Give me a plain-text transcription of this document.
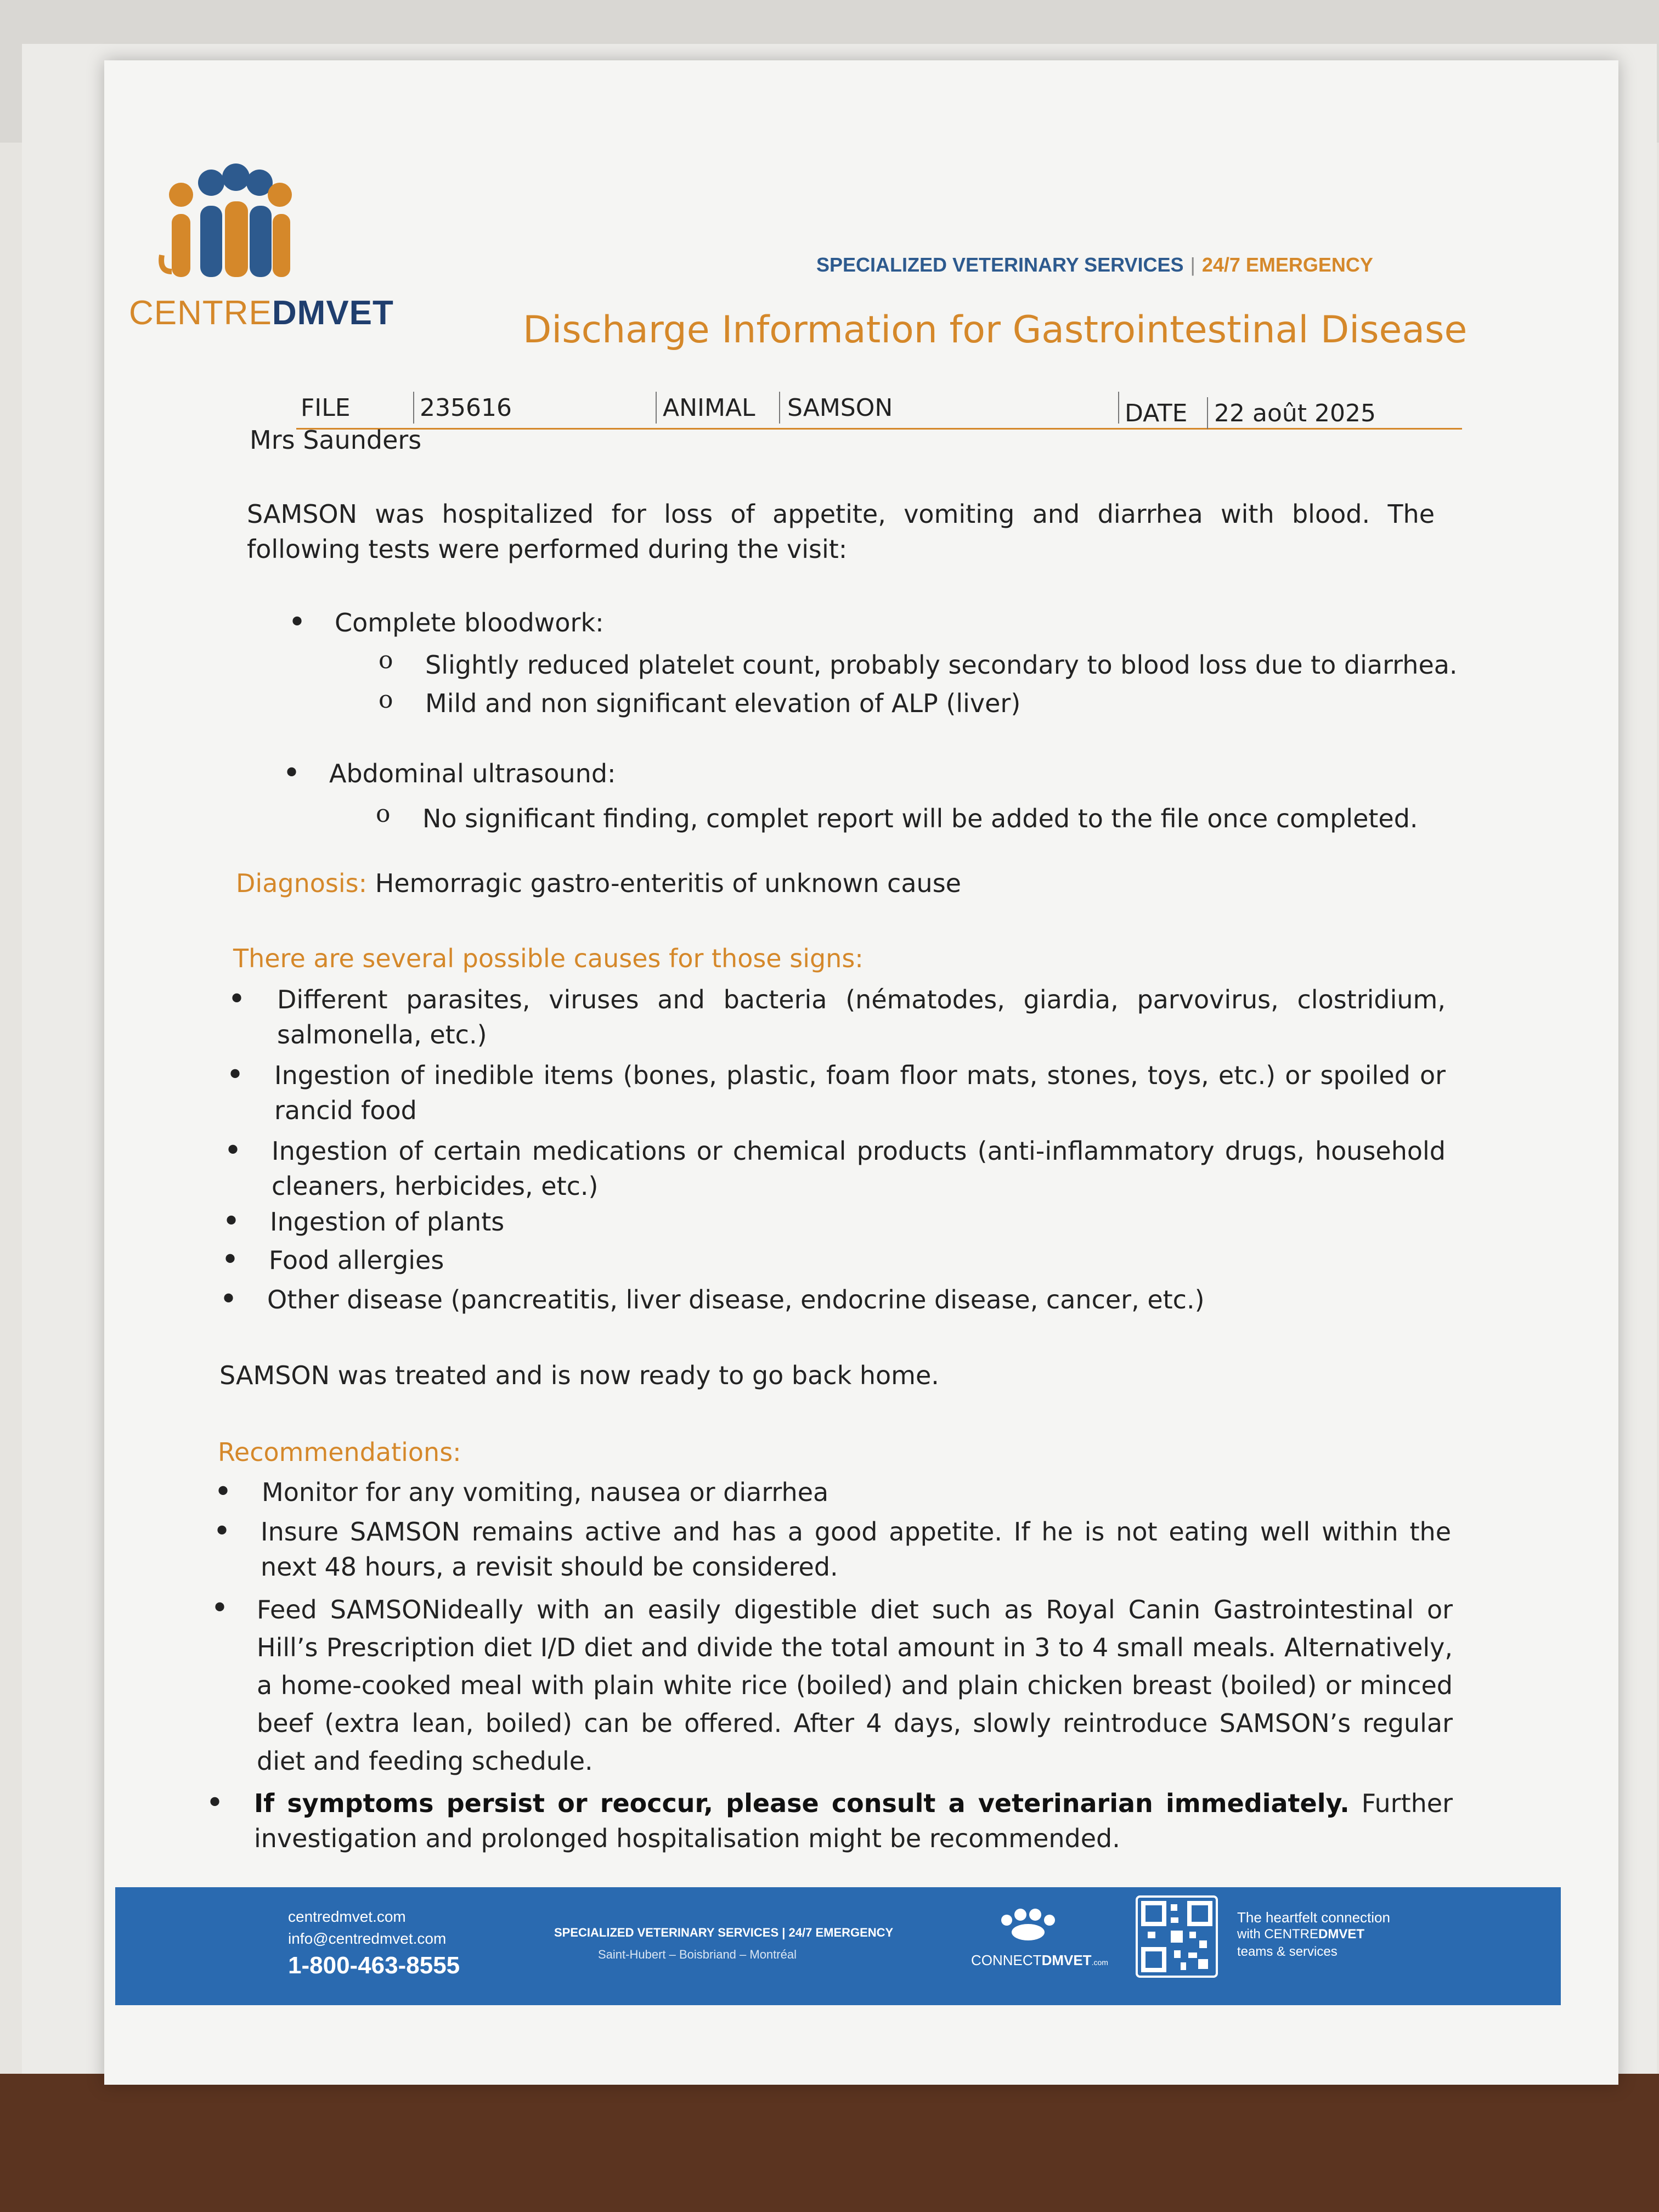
CENTREDMVET
SPECIALIZED VETERINARY SERVICES | 24/7 EMERGENCY
Discharge Information for Gastrointestinal Disease
FILE	235616	ANIMAL SAMSON	DATE 22 août 2025
Mrs Saunders
SAMSON was hospitalized for loss of appetite, vomiting and diarrhea with blood. The following tests were performed during the visit:
• Complete bloodwork:
o Slightly reduced platelet count, probably secondary to blood loss due to diarrhea.
o Mild and non significant elevation of ALP (liver)
• Abdominal ultrasound:
o No significant finding, complet report will be added to the file once completed.
Diagnosis: Hemorragic gastro-enteritis of unknown cause
There are several possible causes for those signs:
• Different parasites, viruses and bacteria (nématodes, giardia, parvovirus, clostridium, salmonella, etc.)
• Ingestion of inedible items (bones, plastic, foam floor mats, stones, toys, etc.) or spoiled or rancid food
• Ingestion of certain medications or chemical products (anti-inflammatory drugs, household cleaners, herbicides, etc.)
• Ingestion of plants
• Food allergies
• Other disease (pancreatitis, liver disease, endocrine disease, cancer, etc.)
SAMSON was treated and is now ready to go back home.
Recommendations:
• Monitor for any vomiting, nausea or diarrhea
• Insure SAMSON remains active and has a good appetite. If he is not eating well within the next 48 hours, a revisit should be considered.
• Feed SAMSONideally with an easily digestible diet such as Royal Canin Gastrointestinal or Hill’s Prescription diet I/D diet and divide the total amount in 3 to 4 small meals. Alternatively, a home-cooked meal with plain white rice (boiled) and plain chicken breast (boiled) or minced beef (extra lean, boiled) can be offered. After 4 days, slowly reintroduce SAMSON’s regular diet and feeding schedule.
• If symptoms persist or reoccur, please consult a veterinarian immediately. Further investigation and prolonged hospitalisation might be recommended.
centredmvet.com
info@centredmvet.com
1-800-463-8555
SPECIALIZED VETERINARY SERVICES | 24/7 EMERGENCY
Saint-Hubert – Boisbriand – Montréal	CONNECTDMVET.com
The heartfelt connection
with CENTREDMVET
teams & services
